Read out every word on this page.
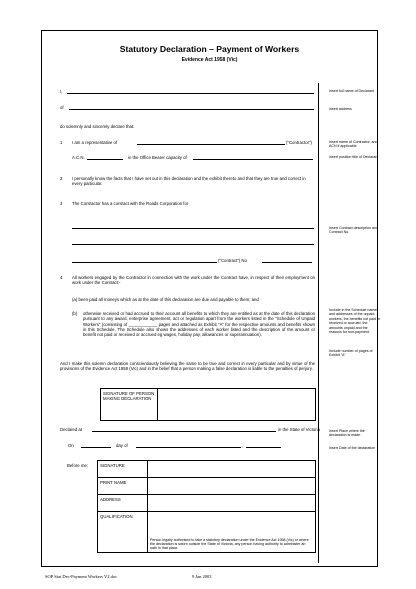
Statutory Declaration – Payment of Workers
Evidence Act 1958 (Vic)
I,
of
do solemnly and sincerely declare that:
1 I am a representative of	("Contractor")
A.C.N.	in the Office Bearer capacity of
2 I personally know the facts that I have set out in this declaration and the exhibit thereto and that they are true and correct in every particular.
3 The Contractor has a contract with the Roads Corporation for
("Contract") No
4 All workers engaged by the Contractor in connection with the work under the Contract have, in respect of their employment on work under the Contract:-
(a) been paid all moneys which as at the date of this declaration are due and payable to them; and
(b) otherwise received or had accrued to their account all benefits to which they are entitled as at the date of this declaration pursuant to any award, enterprise agreement, act or regulation apart from the workers listed in the "Schedule of Unpaid Workers" (consisting of ____________ pages and attached as Exhibit "A" for the respective amounts and benefits shown in this Schedule. The Schedule also shows the addresses of each worker listed and the description of the amount or benefit not paid or received or accrued eg wages, holiday pay, allowances or superannuation).
And I make this solemn declaration conscientiously believing the same to be true and correct in every particular and by virtue of the provisions of the Evidence Act 1958 (Vic) and in the belief that a person making a false declaration is liable to the penalties of perjury.
SIGNATURE OF PERSON MAKING DECLARATION	
Declared at	in the State of Victoria
On	day of	,
Before me:	SIGNATURE	
PRINT NAME	
ADDRESS	
QUALIFICATION	Person legally authorised to take a statutory declaration under the Evidence Act 1958 (Vic) or where the declaration is sworn outside the State of Victoria, any person having authority to administer an oath in that place.
Insert full name of Declarant
Insert address
Insert name of Contractor, and ACN if applicable
Insert position title of Declarant
Insert Contract description and Contract No.
Include in the Schedule names and addresses of the unpaid workers, the benefits not paid or received or accrued, the amounts unpaid and the reasons for non-payment.
Include number of pages of Exhibit "A"
Insert Place where the declaration is made.
Insert Date of the declaration
SOP Stat Dec-Payment Workers V2.doc	9 Jan 2003
